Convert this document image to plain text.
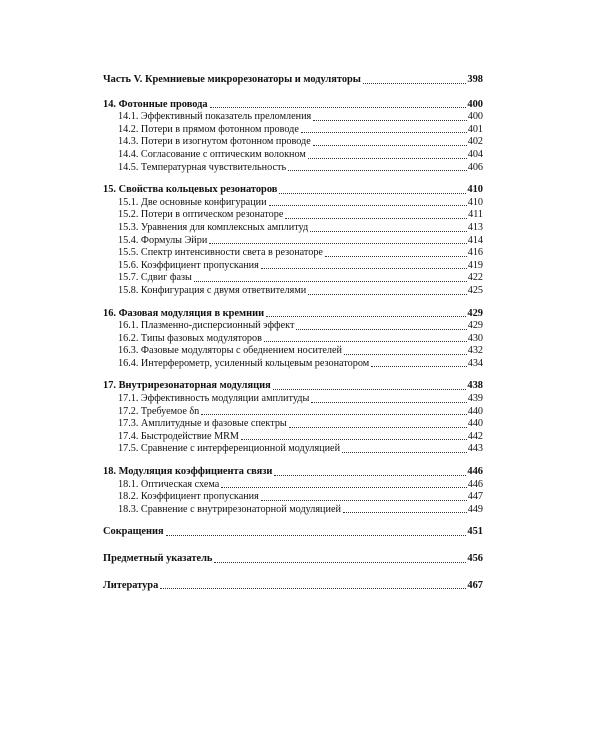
Часть V. Кремниевые микрорезонаторы и модуляторы	398
14. Фотонные провода	400
14.1. Эффективный показатель преломления	400
14.2. Потери в прямом фотонном проводе	401
14.3. Потери в изогнутом фотонном проводе	402
14.4. Согласование с оптическим волокном	404
14.5. Температурная чувствительность	406
15. Свойства кольцевых резонаторов	410
15.1. Две основные конфигурации	410
15.2. Потери в оптическом резонаторе	411
15.3. Уравнения для комплексных амплитуд	413
15.4. Формулы Эйри	414
15.5. Спектр интенсивности света в резонаторе	416
15.6. Коэффициент пропускания	419
15.7. Сдвиг фазы	422
15.8. Конфигурация с двумя ответвителями	425
16. Фазовая модуляция в кремнии	429
16.1. Плазменно-дисперсионный эффект	429
16.2. Типы фазовых модуляторов	430
16.3. Фазовые модуляторы с обеднением носителей	432
16.4. Интерферометр, усиленный кольцевым резонатором	434
17. Внутрирезонаторная модуляция	438
17.1. Эффективность модуляции амплитуды	439
17.2. Требуемое δn	440
17.3. Амплитудные и фазовые спектры	440
17.4. Быстродействие MRM	442
17.5. Сравнение с интерференционной модуляцией	443
18. Модуляция коэффициента связи	446
18.1. Оптическая схема	446
18.2. Коэффициент пропускания	447
18.3. Сравнение с внутрирезонаторной модуляцией	449
Сокращения	451
Предметный указатель	456
Литература	467
